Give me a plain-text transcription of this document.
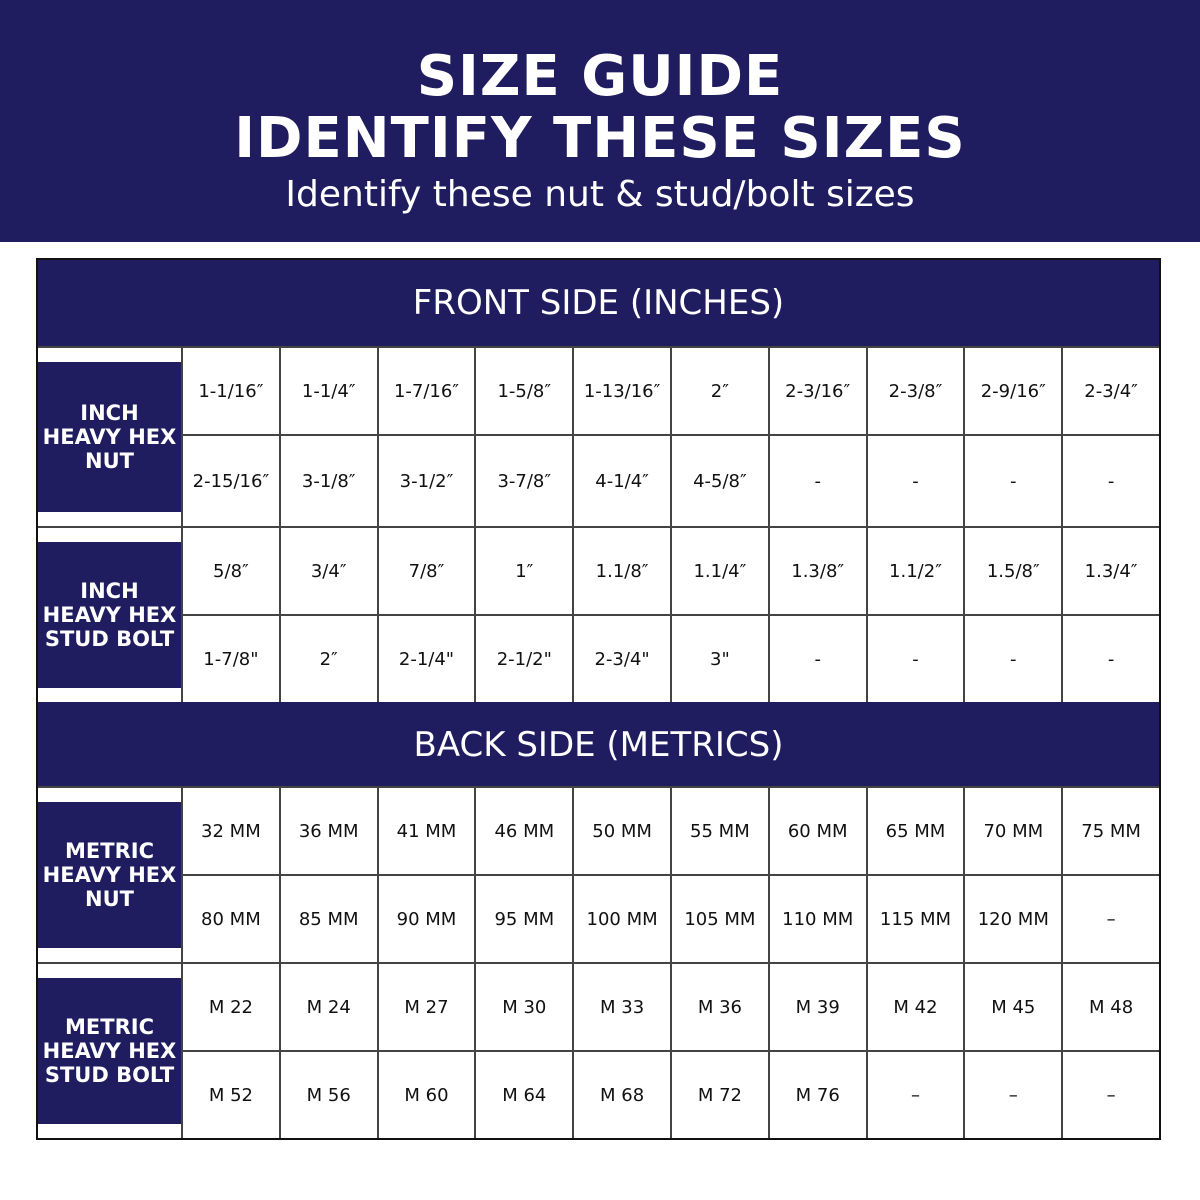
SIZE GUIDE
IDENTIFY THESE SIZES
Identify these nut & stud/bolt sizes
FRONT SIDE (INCHES)
INCH HEAVY HEX NUT
1-1/16″	1-1/4″	1-7/16″	1-5/8″	1-13/16″	2″	2-3/16″	2-3/8″	2-9/16″	2-3/4″
2-15/16″	3-1/8″	3-1/2″	3-7/8″	4-1/4″	4-5/8″	-	-	-	-
INCH HEAVY HEX STUD BOLT
5/8″	3/4″	7/8″	1″	1.1/8″	1.1/4″	1.3/8″	1.1/2″	1.5/8″	1.3/4″
1-7/8"	2″	2-1/4"	2-1/2"	2-3/4"	3"	-	-	-	-
BACK SIDE (METRICS)
METRIC HEAVY HEX NUT
32 MM	36 MM	41 MM	46 MM	50 MM	55 MM	60 MM	65 MM	70 MM	75 MM
80 MM	85 MM	90 MM	95 MM	100 MM	105 MM	110 MM	115 MM	120 MM	–
METRIC HEAVY HEX STUD BOLT
M 22	M 24	M 27	M 30	M 33	M 36	M 39	M 42	M 45	M 48
M 52	M 56	M 60	M 64	M 68	M 72	M 76	–	–	–
